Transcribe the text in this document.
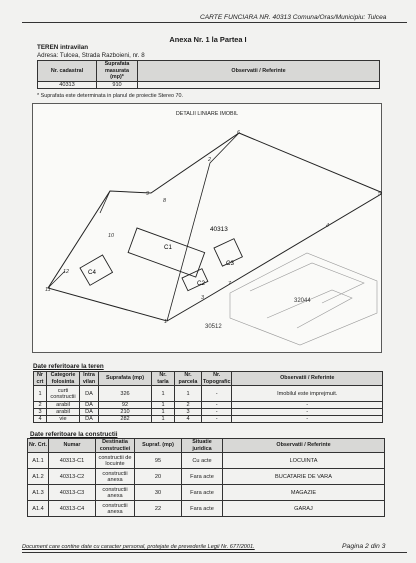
CARTE FUNCIARA NR. 40313 Comuna/Oras/Municipiu: Tulcea
Anexa Nr. 1 la Partea I
TEREN intravilan
Adresa: Tulcea, Strada Razboieni, nr. 8
Nr. cadastral	Suprafata masurata (mp)*	Observatii / Referinte
40313	910	
* Suprafata este determinata in planul de proiectie Stereo 70.
DETALII LINIARE IMOBIL
32044
30512
C1
C2
C3
C4
40313
1
2
3
4
5
6
7
8
9
10
11
12
Date referitoare la teren
Nr crt	Categorie folosinta	Intra vilan	Suprafata (mp)	Nr. tarla	Nr. parcela	Nr. Topografic	Observatii / Referinte
1	curti constructii	DA	326	1	1	-	Imobilul este imprejmuit.
2	arabil	DA	92	1	2	-	-
3	arabil	DA	210	1	3	-	-
4	vie	DA	282	1	4	-	-
Date referitoare la constructii
Nr. Crt.	Numar	Destinatia constructiei	Supraf. (mp)	Situatie juridica	Observatii / Referinte
A1.1	40313-C1	constructii de locuinte	95	Cu acte	LOCUINTA
A1.2	40313-C2	constructii anexa	20	Fara acte	BUCATARIE DE VARA
A1.3	40313-C3	constructii anexa	30	Fara acte	MAGAZIE
A1.4	40313-C4	constructii anexa	22	Fara acte	GARAJ
Document care contine date cu caracter personal, protejate de prevederile Legii Nr. 677/2001.	Pagina 2 din 3
